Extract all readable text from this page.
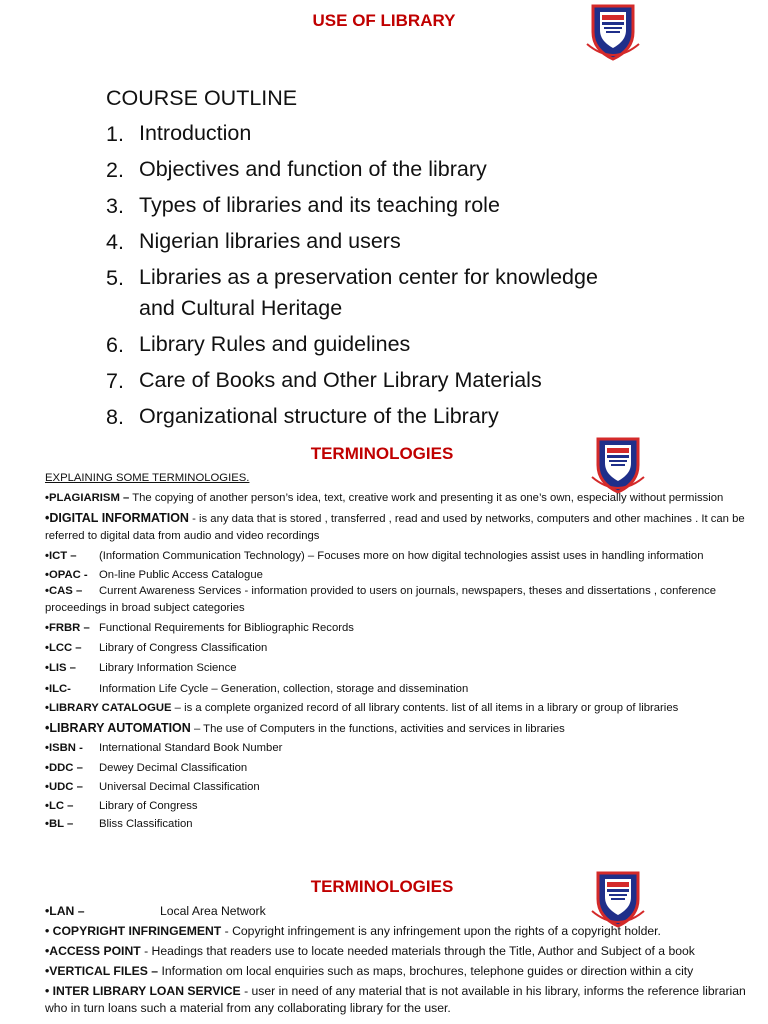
USE OF LIBRARY
COURSE OUTLINE
1. Introduction
2. Objectives and function of the library
3. Types of libraries and its teaching role
4. Nigerian libraries and users
5. Libraries as a preservation center for knowledge
and Cultural Heritage
6. Library Rules and guidelines
7. Care of Books and Other Library Materials
8. Organizational structure of the Library
TERMINOLOGIES

EXPLAINING SOME TERMINOLOGIES.

•PLAGIARISM – The copying of another person’s idea, text, creative work and presenting it as one’s own, especially without permission

•DIGITAL INFORMATION - is any data that is stored , transferred , read and used by networks, computers and other machines . It can be referred to digital data from audio and video recordings

•ICT – (Information Communication Technology) – Focuses more on how digital technologies assist uses in handling information

•OPAC - On-line Public Access Catalogue

•CAS – Current Awareness Services - information provided to users on journals, newspapers, theses and dissertations , conference proceedings in broad subject categories

•FRBR – Functional Requirements for Bibliographic Records

•LCC – Library of Congress Classification

•LIS – Library Information Science

•ILC- Information Life Cycle – Generation, collection, storage and dissemination

•LIBRARY CATALOGUE – is a complete organized record of all library contents. list of all items in a library or group of libraries

•LIBRARY AUTOMATION – The use of Computers in the functions, activities and services in libraries

•ISBN - International Standard Book Number

•DDC – Dewey Decimal Classification

•UDC – Universal Decimal Classification

•LC – Library of Congress

•BL – Bliss Classification

TERMINOLOGIES

•LAN –	Local Area Network

• COPYRIGHT INFRINGEMENT - Copyright infringement is any infringement upon the rights of a copyright holder.

•ACCESS POINT - Headings that readers use to locate needed materials through the Title, Author and Subject of a book

•VERTICAL FILES – Information om local enquiries such as maps, brochures, telephone guides or direction within a city

• INTER LIBRARY LOAN SERVICE - user in need of any material that is not available in his library, informs the reference librarian who in turn loans such a material from any collaborating library for the user.
